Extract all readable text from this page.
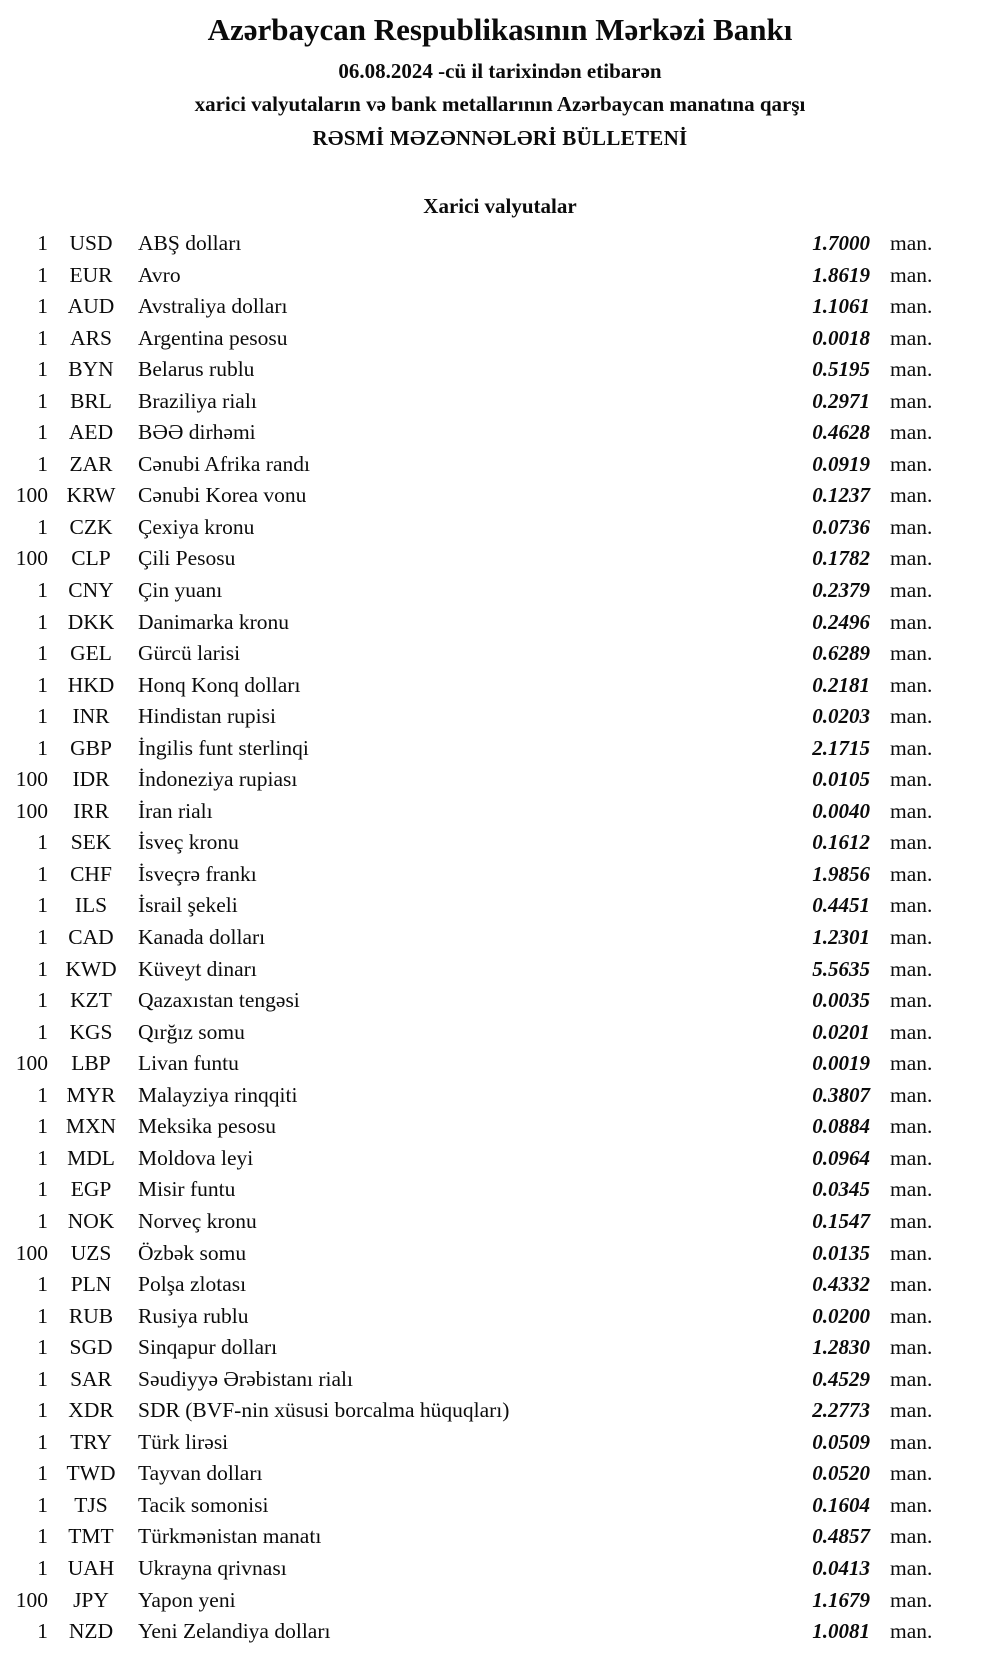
Azərbaycan Respublikasının Mərkəzi Bankı
06.08.2024 -cü il tarixindən etibarən
xarici valyutaların və bank metallarının Azərbaycan manatına qarşı
RƏSMİ MƏZƏNNƏLƏRİ BÜLLETENİ
Xarici valyutalar
1 USD	ABŞ dolları	1.7000 man.
1	EUR	Avro	1.8619 man.
1 AUD	Avstraliya dolları	1.1061 man.
1	ARS	Argentina pesosu	0.0018 man.
1 BYN	Belarus rublu	0.5195 man.
1	BRL	Braziliya rialı	0.2971 man.
1 AED	BƏƏ dirhəmi	0.4628 man.
1	ZAR	Cənubi Afrika randı	0.0919 man.
100 KRW	Cənubi Korea vonu	0.1237 man.
1	CZK	Çexiya kronu	0.0736 man.
100	CLP	Çili Pesosu	0.1782 man.
1 CNY	Çin yuanı	0.2379 man.
1 DKK	Danimarka kronu	0.2496 man.
1	GEL	Gürcü larisi	0.6289 man.
1 HKD	Honq Konq dolları	0.2181 man.
1	INR	Hindistan rupisi	0.0203 man.
1	GBP	İngilis funt sterlinqi	2.1715 man.
100	IDR	İndoneziya rupiası	0.0105 man.
100	IRR	İran rialı	0.0040 man.
1	SEK	İsveç kronu	0.1612 man.
1	CHF	İsveçrə frankı	1.9856 man.
1	ILS	İsrail şekeli	0.4451 man.
1 CAD	Kanada dolları	1.2301 man.
1 KWD Küveyt dinarı	5.5635 man.
1	KZT	Qazaxıstan tengəsi	0.0035 man.
1 KGS	Qırğız somu	0.0201 man.
100	LBP	Livan funtu	0.0019 man.
1 MYR	Malayziya rinqqiti	0.3807 man.
1 MXN	Meksika pesosu	0.0884 man.
1 MDL	Moldova leyi	0.0964 man.
1	EGP	Misir funtu	0.0345 man.
1 NOK	Norveç kronu	0.1547 man.
100	UZS	Özbək somu	0.0135 man.
1	PLN	Polşa zlotası	0.4332 man.
1 RUB	Rusiya rublu	0.0200 man.
1 SGD	Sinqapur dolları	1.2830 man.
1	SAR	Səudiyyə Ərəbistanı rialı	0.4529 man.
1 XDR	SDR (BVF-nin xüsusi borcalma hüquqları)	2.2773 man.
1	TRY	Türk lirəsi	0.0509 man.
1 TWD	Tayvan dolları	0.0520 man.
1	TJS	Tacik somonisi	0.1604 man.
1 TMT	Türkmənistan manatı	0.4857 man.
1 UAH	Ukrayna qrivnası	0.0413 man.
100	JPY	Yapon yeni	1.1679 man.
1 NZD	Yeni Zelandiya dolları	1.0081 man.
